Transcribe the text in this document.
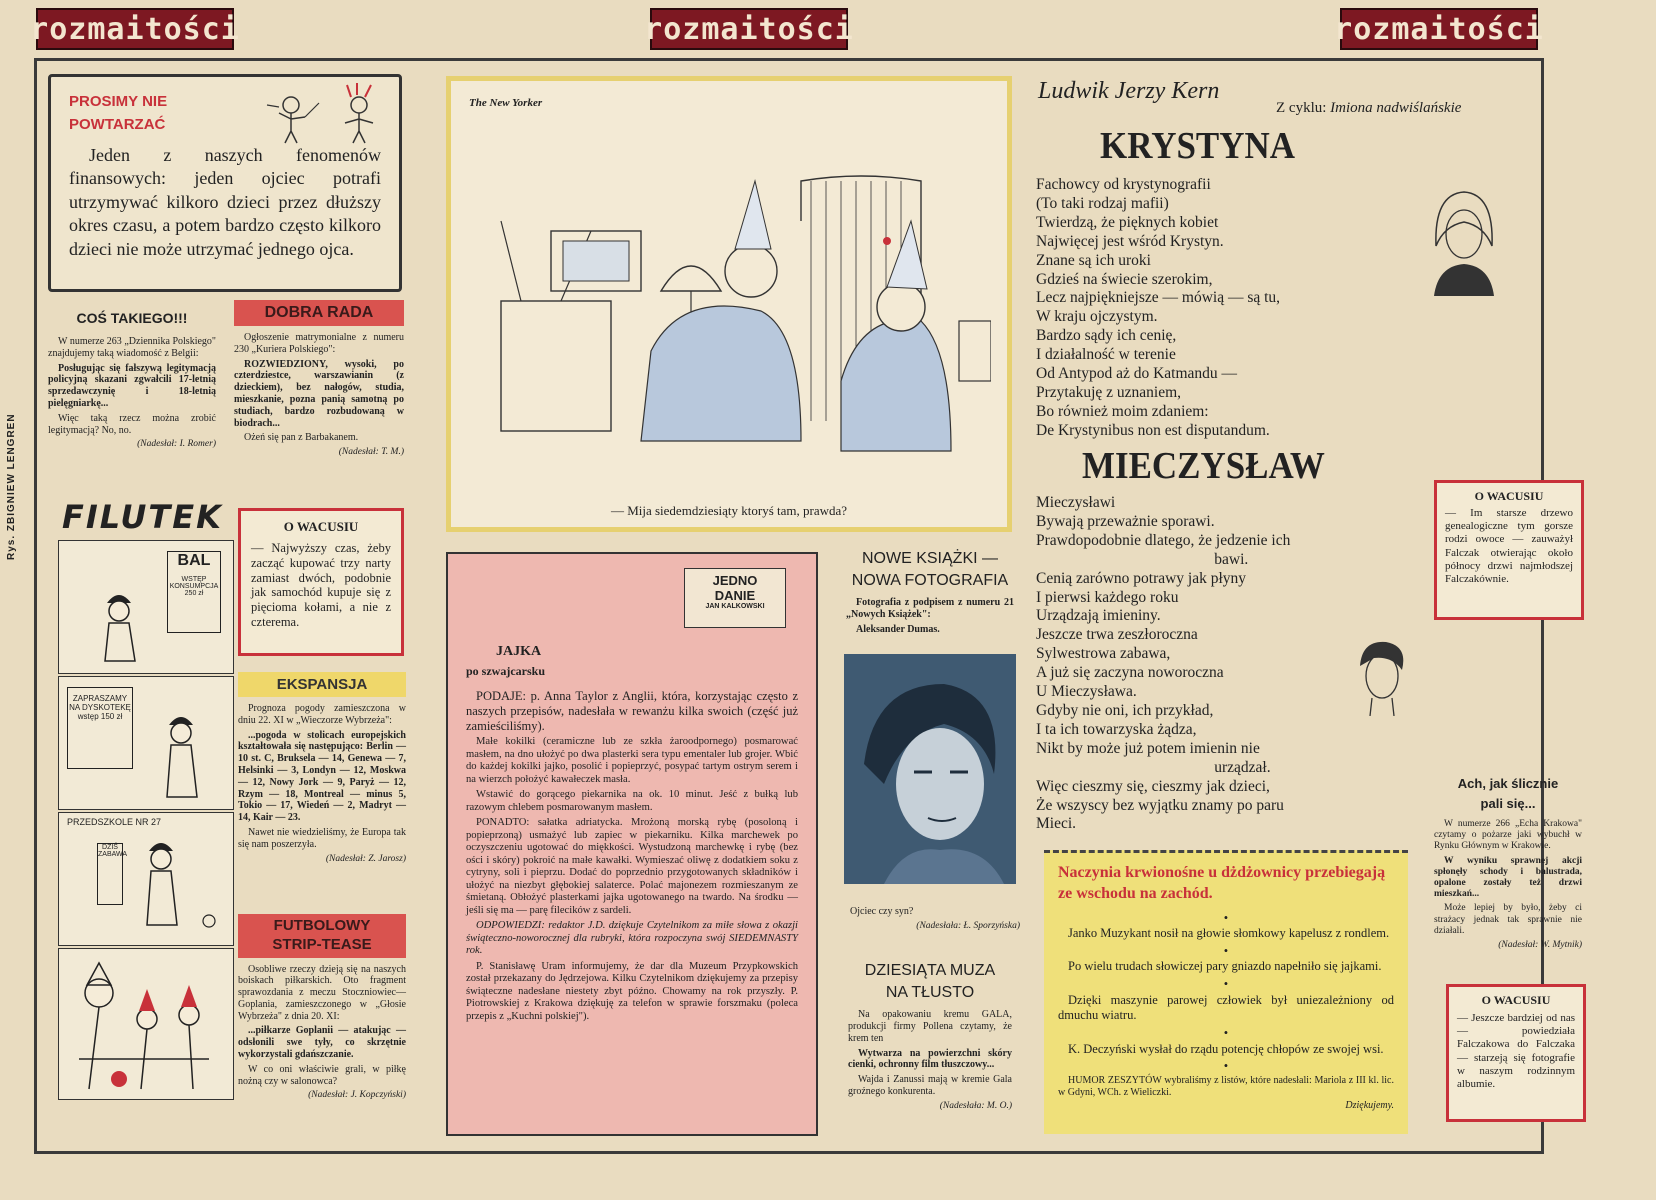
rozmaitości	rozmaitości	rozmaitości
Rys. ZBIGNIEW LENGREN
PROSIMY NIE
POWTARZAĆ
Jeden z naszych fenomenów finansowych: jeden ojciec potrafi utrzymywać kilkoro dzieci przez dłuższy okres czasu, a potem bardzo często kilkoro dzieci nie może utrzymać jednego ojca.
COŚ TAKIEGO!!!

W numerze 263 „Dziennika Polskiego" znajdujemy taką wiadomość z Belgii:

Posługując się fałszywą legitymacją policyjną skazani zgwałcili 17-letnią sprzedawczynię i 18-letnią pielęgniarkę...

Więc taką rzecz można zrobić legitymacją? No, no.

(Nadesłał: I. Romer)
DOBRA RADA

Ogłoszenie matrymonialne z numeru 230 „Kuriera Polskiego":

ROZWIEDZIONY, wysoki, po czterdziestce, warszawianin (z dzieckiem), bez nałogów, studia, mieszkanie, pozna panią samotną po studiach, bardzo rozbudowaną w biodrach...

Ożeń się pan z Barbakanem.

(Nadesłał: T. M.)
FILUTEK
BAL
WSTĘP KONSUMPCJA 250 zł
ZAPRASZAMY NA DYSKOTEKĘ wstęp 150 zł
PRZEDSZKOLE NR 27
DZIŚ ZABAWA
O WACUSIU
— Najwyższy czas, żeby zacząć kupować trzy narty zamiast dwóch, podobnie jak samochód kupuje się z pięcioma kołami, a nie z czterema.
EKSPANSJA

Prognoza pogody zamieszczona w dniu 22. XI w „Wieczorze Wybrzeża":

...pogoda w stolicach europejskich kształtowała się następująco: Berlin — 10 st. C, Bruksela — 14, Genewa — 7, Helsinki — 3, Londyn — 12, Moskwa — 12, Nowy Jork — 9, Paryż — 12, Rzym — 18, Montreal — minus 5, Tokio — 17, Wiedeń — 2, Madryt — 14, Kair — 23.

Nawet nie wiedzieliśmy, że Europa tak się nam poszerzyła.

(Nadesłał: Z. Jarosz)
FUTBOLOWY
STRIP-TEASE

Osobliwe rzeczy dzieją się na naszych boiskach piłkarskich. Oto fragment sprawozdania z meczu Stoczniowiec—Goplania, zamieszczonego w „Głosie Wybrzeża" z dnia 20. XI:

...piłkarze Goplanii — atakując — odsłonili swe tyły, co skrzętnie wykorzystali gdańszczanie.

W co oni właściwie grali, w piłkę nożną czy w salonowca?

(Nadesłał: J. Kopczyński)
The New Yorker
— Mija siedemdziesiąty ktoryś tam, prawda?
JEDNO
DANIE
JAN KALKOWSKI
JAJKA
po szwajcarsku

PODAJE: p. Anna Taylor z Anglii, która, korzystając często z naszych przepisów, nadesłała w rewanżu kilka swoich (część już zamieściliśmy).

Małe kokilki (ceramiczne lub ze szkła żaroodpornego) posmarować masłem, na dno ułożyć po dwa plasterki sera typu ementaler lub grojer. Wbić do każdej kokilki jajko, posolić i popieprzyć, posypać tartym ostrym serem i na wierzch położyć kawałeczek masła.

Wstawić do gorącego piekarnika na ok. 10 minut. Jeść z bułką lub razowym chlebem posmarowanym masłem.

PONADTO: sałatka adriatycka. Mrożoną morską rybę (posoloną i popieprzoną) usmażyć lub zapiec w piekarniku. Kilka marchewek po oczyszczeniu ugotować do miękkości. Wystudzoną marchewkę i rybę (bez ości i skóry) pokroić na małe kawałki. Wymieszać oliwę z dodatkiem soku z cytryny, soli i pieprzu. Dodać do poprzednio przygotowanych składników i ułożyć na niezbyt głębokiej salaterce. Polać majonezem rozmieszanym ze śmietaną. Obłożyć plasterkami jajka ugotowanego na twardo. Na środku — jeśli się ma — parę filecików z sardeli.

ODPOWIEDZI: redaktor J.D. dziękuje Czytelnikom za miłe słowa z okazji świąteczno-noworocznej dla rubryki, która rozpoczyna swój SIEDEMNASTY rok.

P. Stanisławę Uram informujemy, że dar dla Muzeum Przypkowskich został przekazany do Jędrzejowa. Kilku Czytelnikom dziękujemy za przepisy świąteczne nadesłane niestety zbyt późno. Chowamy na rok przyszły. P. Piotrowskiej z Krakowa dziękuję za telefon w sprawie forszmaku (poleca przepis z „Kuchni polskiej").

NOWE KSIĄŻKI —
NOWA FOTOGRAFIA

Fotografia z podpisem z numeru 21 „Nowych Książek":

Aleksander Dumas.

Ojciec czy syn?

(Nadesłała: Ł. Sporzyńska)
DZIESIĄTA MUZA
NA TŁUSTO

Na opakowaniu kremu GALA, produkcji firmy Pollena czytamy, że krem ten

Wytwarza na powierzchni skóry cienki, ochronny film tłuszczowy...

Wajda i Zanussi mają w kremie Gala groźnego konkurenta.

(Nadesłała: M. O.)
Ludwik Jerzy Kern
Z cyklu: Imiona nadwiślańskie
KRYSTYNA
Fachowcy od krystynografii
(To taki rodzaj mafii)
Twierdzą, że pięknych kobiet
Najwięcej jest wśród Krystyn.
Znane są ich uroki
Gdzieś na świecie szerokim,
Lecz najpiękniejsze — mówią — są tu,
W kraju ojczystym.
Bardzo sądy ich cenię,
I działalność w terenie
Od Antypod aż do Katmandu —
Przytakuję z uznaniem,
Bo również moim zdaniem:
De Krystynibus non est disputandum.
MIECZYSŁAW
Mieczysławi
Bywają przeważnie sporawi.
Prawdopodobnie dlatego, że jedzenie ich
bawi.
Cenią zarówno potrawy jak płyny
I pierwsi każdego roku
Urządzają imieniny.
Jeszcze trwa zeszłoroczna
Sylwestrowa zabawa,
A już się zaczyna noworoczna
U Mieczysława.
Gdyby nie oni, ich przykład,
I ta ich towarzyska żądza,
Nikt by może już potem imienin nie
urządzał.
Więc cieszmy się, cieszmy jak dzieci,
Że wszyscy bez wyjątku znamy po paru
Mieci.
O WACUSIU
— Im starsze drzewo genealogiczne tym gorsze rodzi owoce — zauważył Falczak otwierając około północy drzwi najmłodszej Falczakównie.
Ach, jak ślicznie
pali się...

W numerze 266 „Echa Krakowa" czytamy o pożarze jaki wybuchł w Rynku Głównym w Krakowie.

W wyniku sprawnej akcji spłonęły schody i balustrada, opalone zostały też drzwi mieszkań...

Może lepiej by było, żeby ci strażacy jednak tak sprawnie nie działali.

(Nadesłał: W. Mytnik)
O WACUSIU
— Jeszcze bardziej od nas — powiedziała Falczakowa do Falczaka — starzeją się fotografie w naszym rodzinnym albumie.
Naczynia krwionośne u dżdżownicy przebiegają ze wschodu na zachód.
•

Janko Muzykant nosił na głowie słomkowy kapelusz z rondlem.

•

Po wielu trudach słowiczej pary gniazdo napełniło się jajkami.

•

Dzięki maszynie parowej człowiek był uniezależniony od dmuchu wiatru.

•

K. Deczyński wysłał do rządu potencję chłopów ze swojej wsi.

•

HUMOR ZESZYTÓW wybraliśmy z listów, które nadesłali: Mariola z III kl. lic. w Gdyni, WCh. z Wieliczki.

Dziękujemy.
